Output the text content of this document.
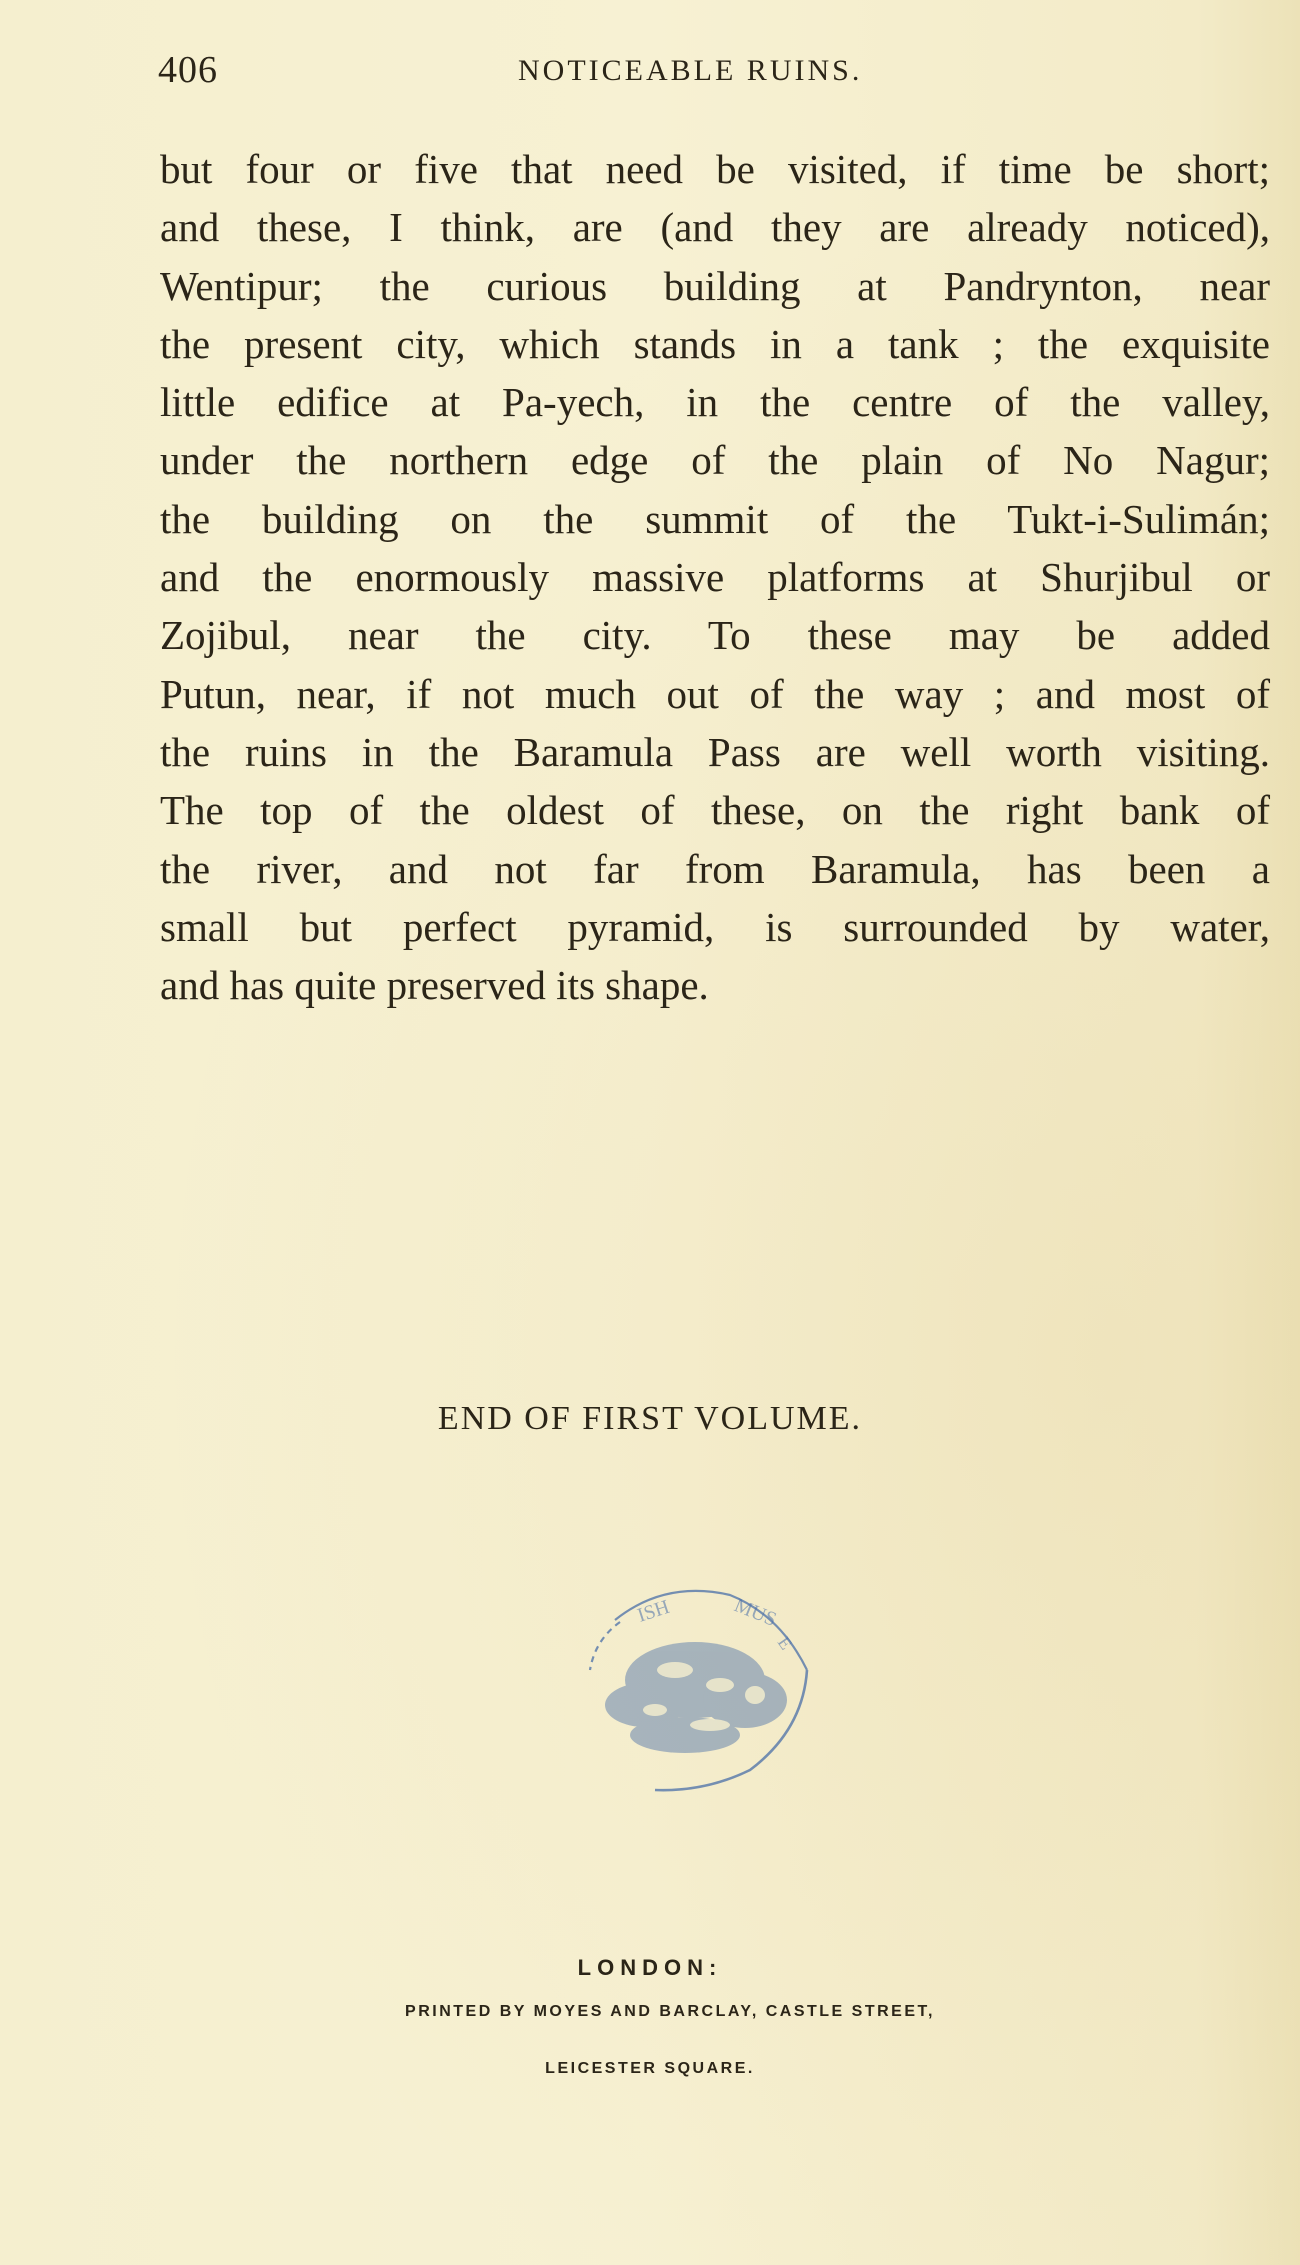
406	NOTICEABLE RUINS.
but four or five that need be visited, if time be short;
and these, I think, are (and they are already noticed),
Wentipur; the curious building at Pandrynton, near
the present city, which stands in a tank ; the exquisite
little edifice at Pa-yech, in the centre of the valley,
under the northern edge of the plain of No Nagur;
the building on the summit of the Tukt-i-Sulimán;
and the enormously massive platforms at Shurjibul or
Zojibul, near the city. To these may be added
Putun, near, if not much out of the way ; and most of
the ruins in the Baramula Pass are well worth visiting.
The top of the oldest of these, on the right bank of
the river, and not far from Baramula, has been a
small but perfect pyramid, is surrounded by water,
and has quite preserved its shape.
END OF FIRST VOLUME.
ISH	MUS
E
LONDON:
PRINTED BY MOYES AND BARCLAY, CASTLE STREET,
LEICESTER SQUARE.
